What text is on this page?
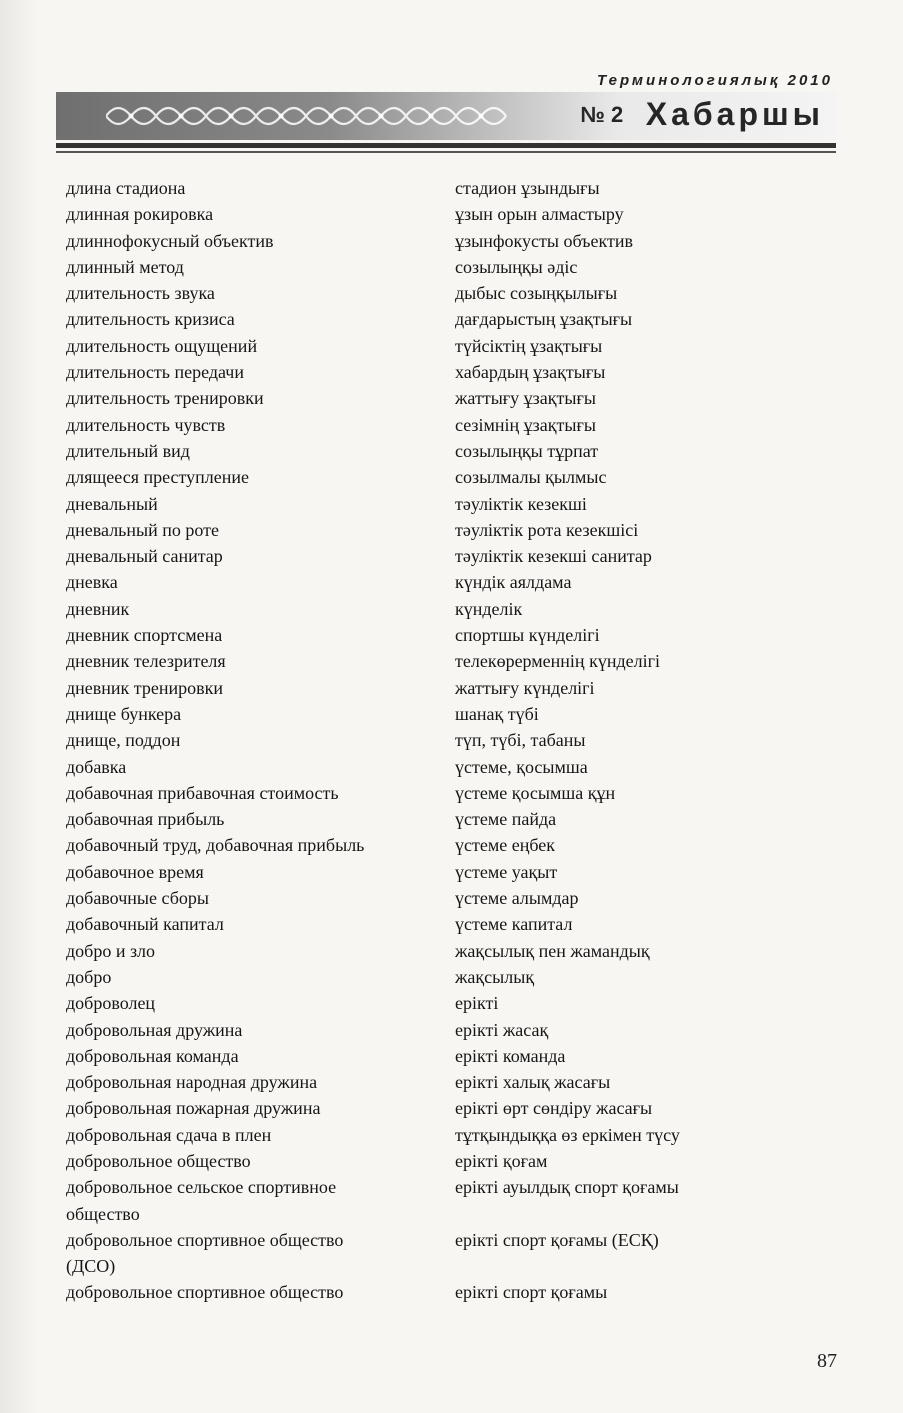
Терминологиялық 2010
№ 2 Хабаршы
длина стадиона	стадион ұзындығы
длинная рокировка	ұзын орын алмастыру
длиннофокусный объектив	ұзынфокусты объектив
длинный метод	созылыңқы әдіс
длительность звука	дыбыс созыңқылығы
длительность кризиса	дағдарыстың ұзақтығы
длительность ощущений	түйсіктің ұзақтығы
длительность передачи	хабардың ұзақтығы
длительность тренировки	жаттығу ұзақтығы
длительность чувств	сезімнің ұзақтығы
длительный вид	созылыңқы тұрпат
длящееся преступление	созылмалы қылмыс
дневальный	тәуліктік кезекші
дневальный по роте	тәуліктік рота кезекшісі
дневальный санитар	тәуліктік кезекші санитар
дневка	күндік аялдама
дневник	күнделік
дневник спортсмена	спортшы күнделігі
дневник телезрителя	телекөрерменнің күнделігі
дневник тренировки	жаттығу күнделігі
днище бункера	шанақ түбі
днище, поддон	түп, түбі, табаны
добавка	үстеме, қосымша
добавочная прибавочная стоимость	үстеме қосымша құн
добавочная прибыль	үстеме пайда
добавочный труд, добавочная прибыль	үстеме еңбек
добавочное время	үстеме уақыт
добавочные сборы	үстеме алымдар
добавочный капитал	үстеме капитал
добро и зло	жақсылық пен жамандық
добро	жақсылық
доброволец	ерікті
добровольная дружина	ерікті жасақ
добровольная команда	ерікті команда
добровольная народная дружина	ерікті халық жасағы
добровольная пожарная дружина	ерікті өрт сөндіру жасағы
добровольная сдача в плен	тұтқындыққа өз еркімен түсу
добровольное общество	ерікті қоғам
добровольное сельское спортивное	ерікті ауылдық спорт қоғамы
общество
добровольное спортивное общество	ерікті спорт қоғамы (ЕСҚ)
(ДСО)
добровольное спортивное общество	ерікті спорт қоғамы
87
